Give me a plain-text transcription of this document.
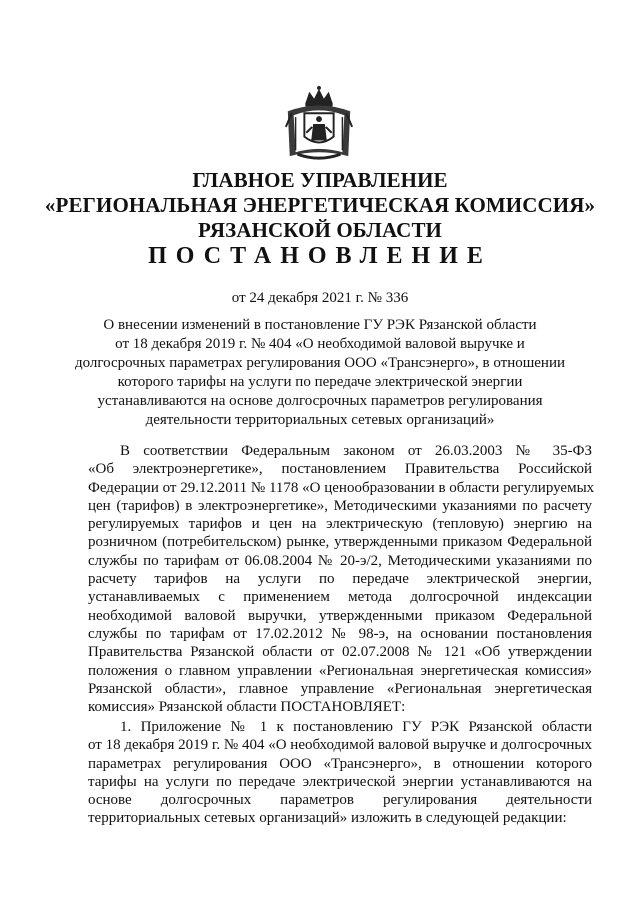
ГЛАВНОЕ УПРАВЛЕНИЕ
«РЕГИОНАЛЬНАЯ ЭНЕРГЕТИЧЕСКАЯ КОМИССИЯ»
РЯЗАНСКОЙ ОБЛАСТИ
ПОСТАНОВЛЕНИЕ
от 24 декабря 2021 г. № 336
О внесении изменений в постановление ГУ РЭК Рязанской области
от 18 декабря 2019 г. № 404 «О необходимой валовой выручке и
долгосрочных параметрах регулирования ООО «Трансэнерго», в отношении
которого тарифы на услуги по передаче электрической энергии
устанавливаются на основе долгосрочных параметров регулирования
деятельности территориальных сетевых организаций»
В соответствии Федеральным законом от 26.03.2003 № 35-ФЗ
«Об электроэнергетике», постановлением Правительства Российской
Федерации от 29.12.2011 № 1178 «О ценообразовании в области регулируемых
цен (тарифов) в электроэнергетике», Методическими указаниями по расчету
регулируемых тарифов и цен на электрическую (тепловую) энергию на
розничном (потребительском) рынке, утвержденными приказом Федеральной
службы по тарифам от 06.08.2004 № 20-э/2, Методическими указаниями по
расчету тарифов на услуги по передаче электрической энергии,
устанавливаемых с применением метода долгосрочной индексации
необходимой валовой выручки, утвержденными приказом Федеральной
службы по тарифам от 17.02.2012 № 98-э, на основании постановления
Правительства Рязанской области от 02.07.2008 № 121 «Об утверждении
положения о главном управлении «Региональная энергетическая комиссия»
Рязанской области», главное управление «Региональная энергетическая
комиссия» Рязанской области ПОСТАНОВЛЯЕТ:
1. Приложение № 1 к постановлению ГУ РЭК Рязанской области
от 18 декабря 2019 г. № 404 «О необходимой валовой выручке и долгосрочных
параметрах регулирования ООО «Трансэнерго», в отношении которого
тарифы на услуги по передаче электрической энергии устанавливаются на
основе долгосрочных параметров регулирования деятельности
территориальных сетевых организаций» изложить в следующей редакции:
